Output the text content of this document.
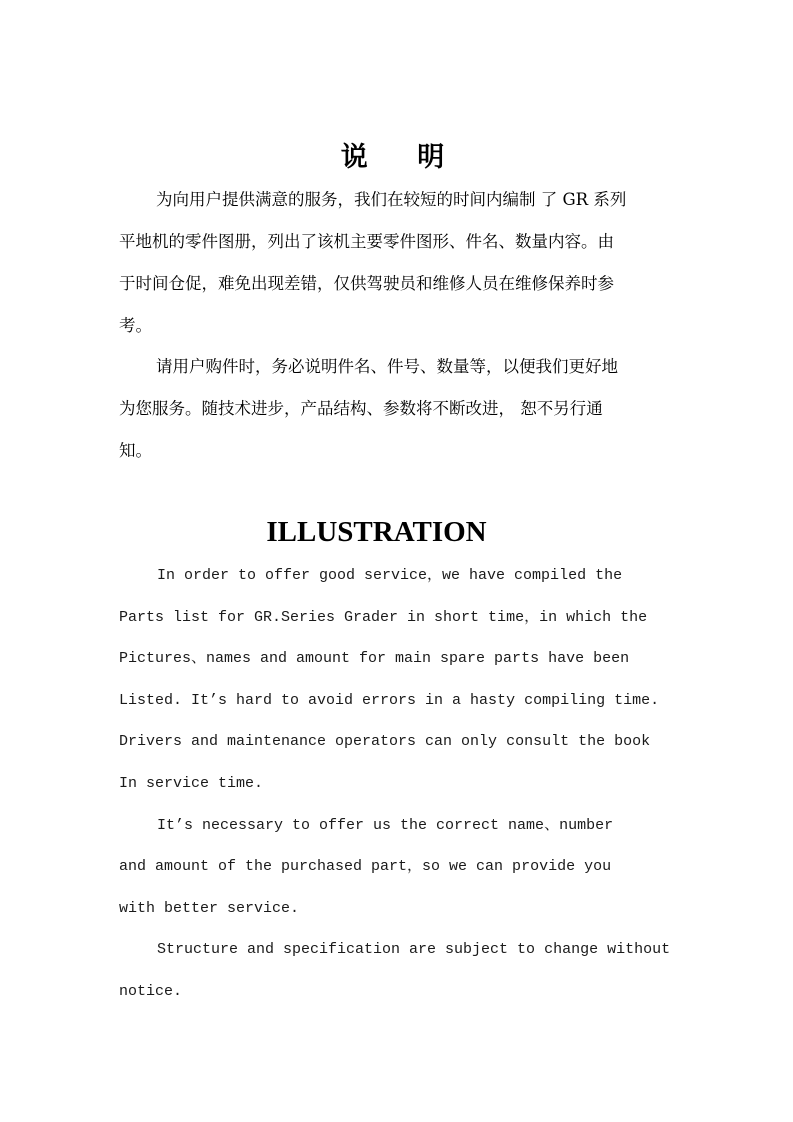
说 明
为向用户提供满意的服务，我们在较短的时间内编制 了 GR 系列
平地机的零件图册，列出了该机主要零件图形、件名、数量内容。由
于时间仓促，难免出现差错，仅供驾驶员和维修人员在维修保养时参
考。
请用户购件时，务必说明件名、件号、数量等，以便我们更好地
为您服务。随技术进步，产品结构、参数将不断改进， 恕不另行通
知。
ILLUSTRATION
In order to offer good service，we have compiled the
Parts list for GR.Series Grader in short time，in which the
Pictures、names and amount for main spare parts have been
Listed. It’s hard to avoid errors in a hasty compiling time.
Drivers and maintenance operators can only consult the book
In service time.
It’s necessary to offer us the correct name、number
and amount of the purchased part，so we can provide you
with better service.
Structure and specification are subject to change without
notice.
